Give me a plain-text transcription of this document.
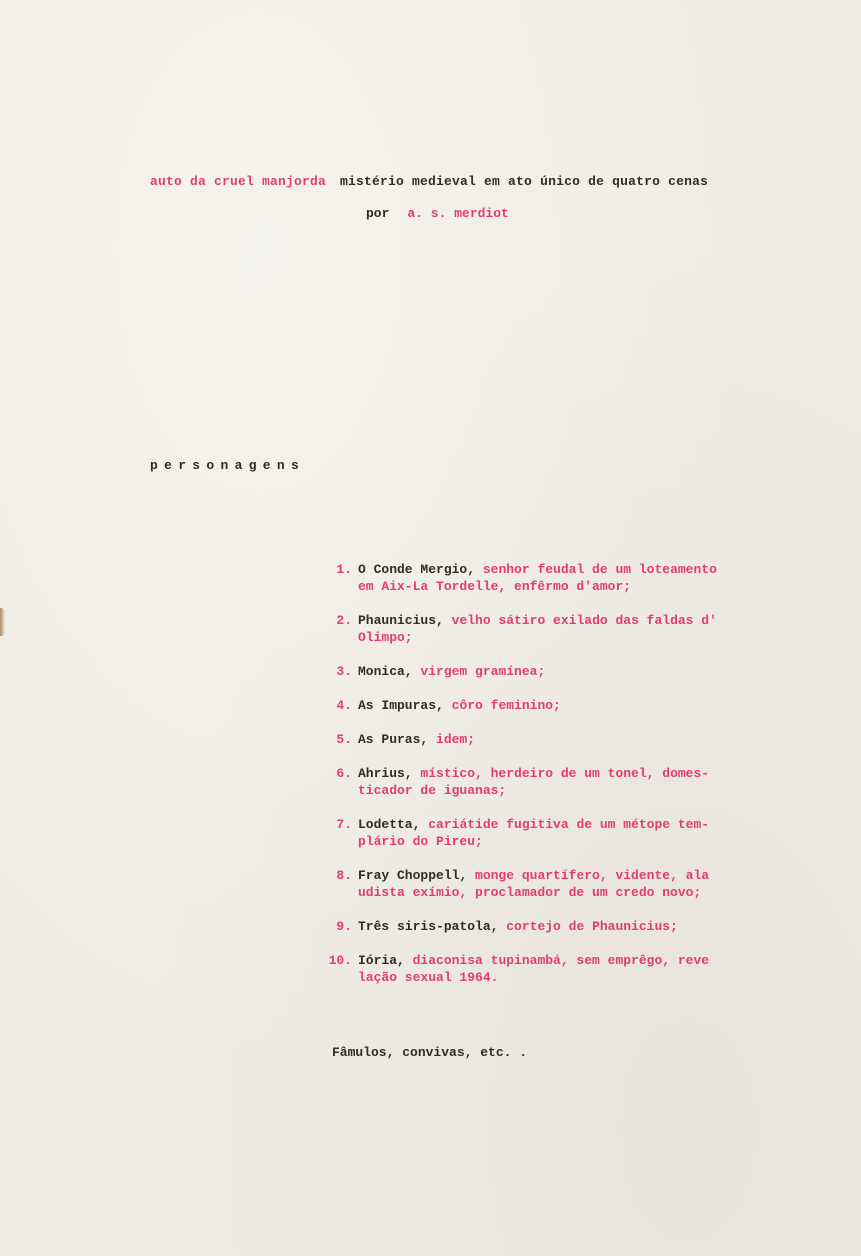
auto da cruel manjorda mistério medieval em ato único de quatro cenas
por a. s. merdiot
personagens
1. O Conde Mergio, senhor feudal de um loteamento
em Aix-La Tordelle, enfêrmo d'amor;
2. Phaunicius, velho sátiro exilado das faldas d'
Olimpo;
3. Monica, virgem gramínea;
4. As Impuras, côro feminino;
5. As Puras, idem;
6. Ahrius, místico, herdeiro de um tonel, domes-
ticador de iguanas;
7. Lodetta, cariátide fugitiva de um métope tem-
plário do Pireu;
8. Fray Choppell, monge quartífero, vidente, ala
udista exímio, proclamador de um credo novo;
9. Três siris-patola, cortejo de Phaunicius;
10. Iória, diaconisa tupinambá, sem emprêgo, reve
lação sexual 1964.
Fâmulos, convivas, etc. .
